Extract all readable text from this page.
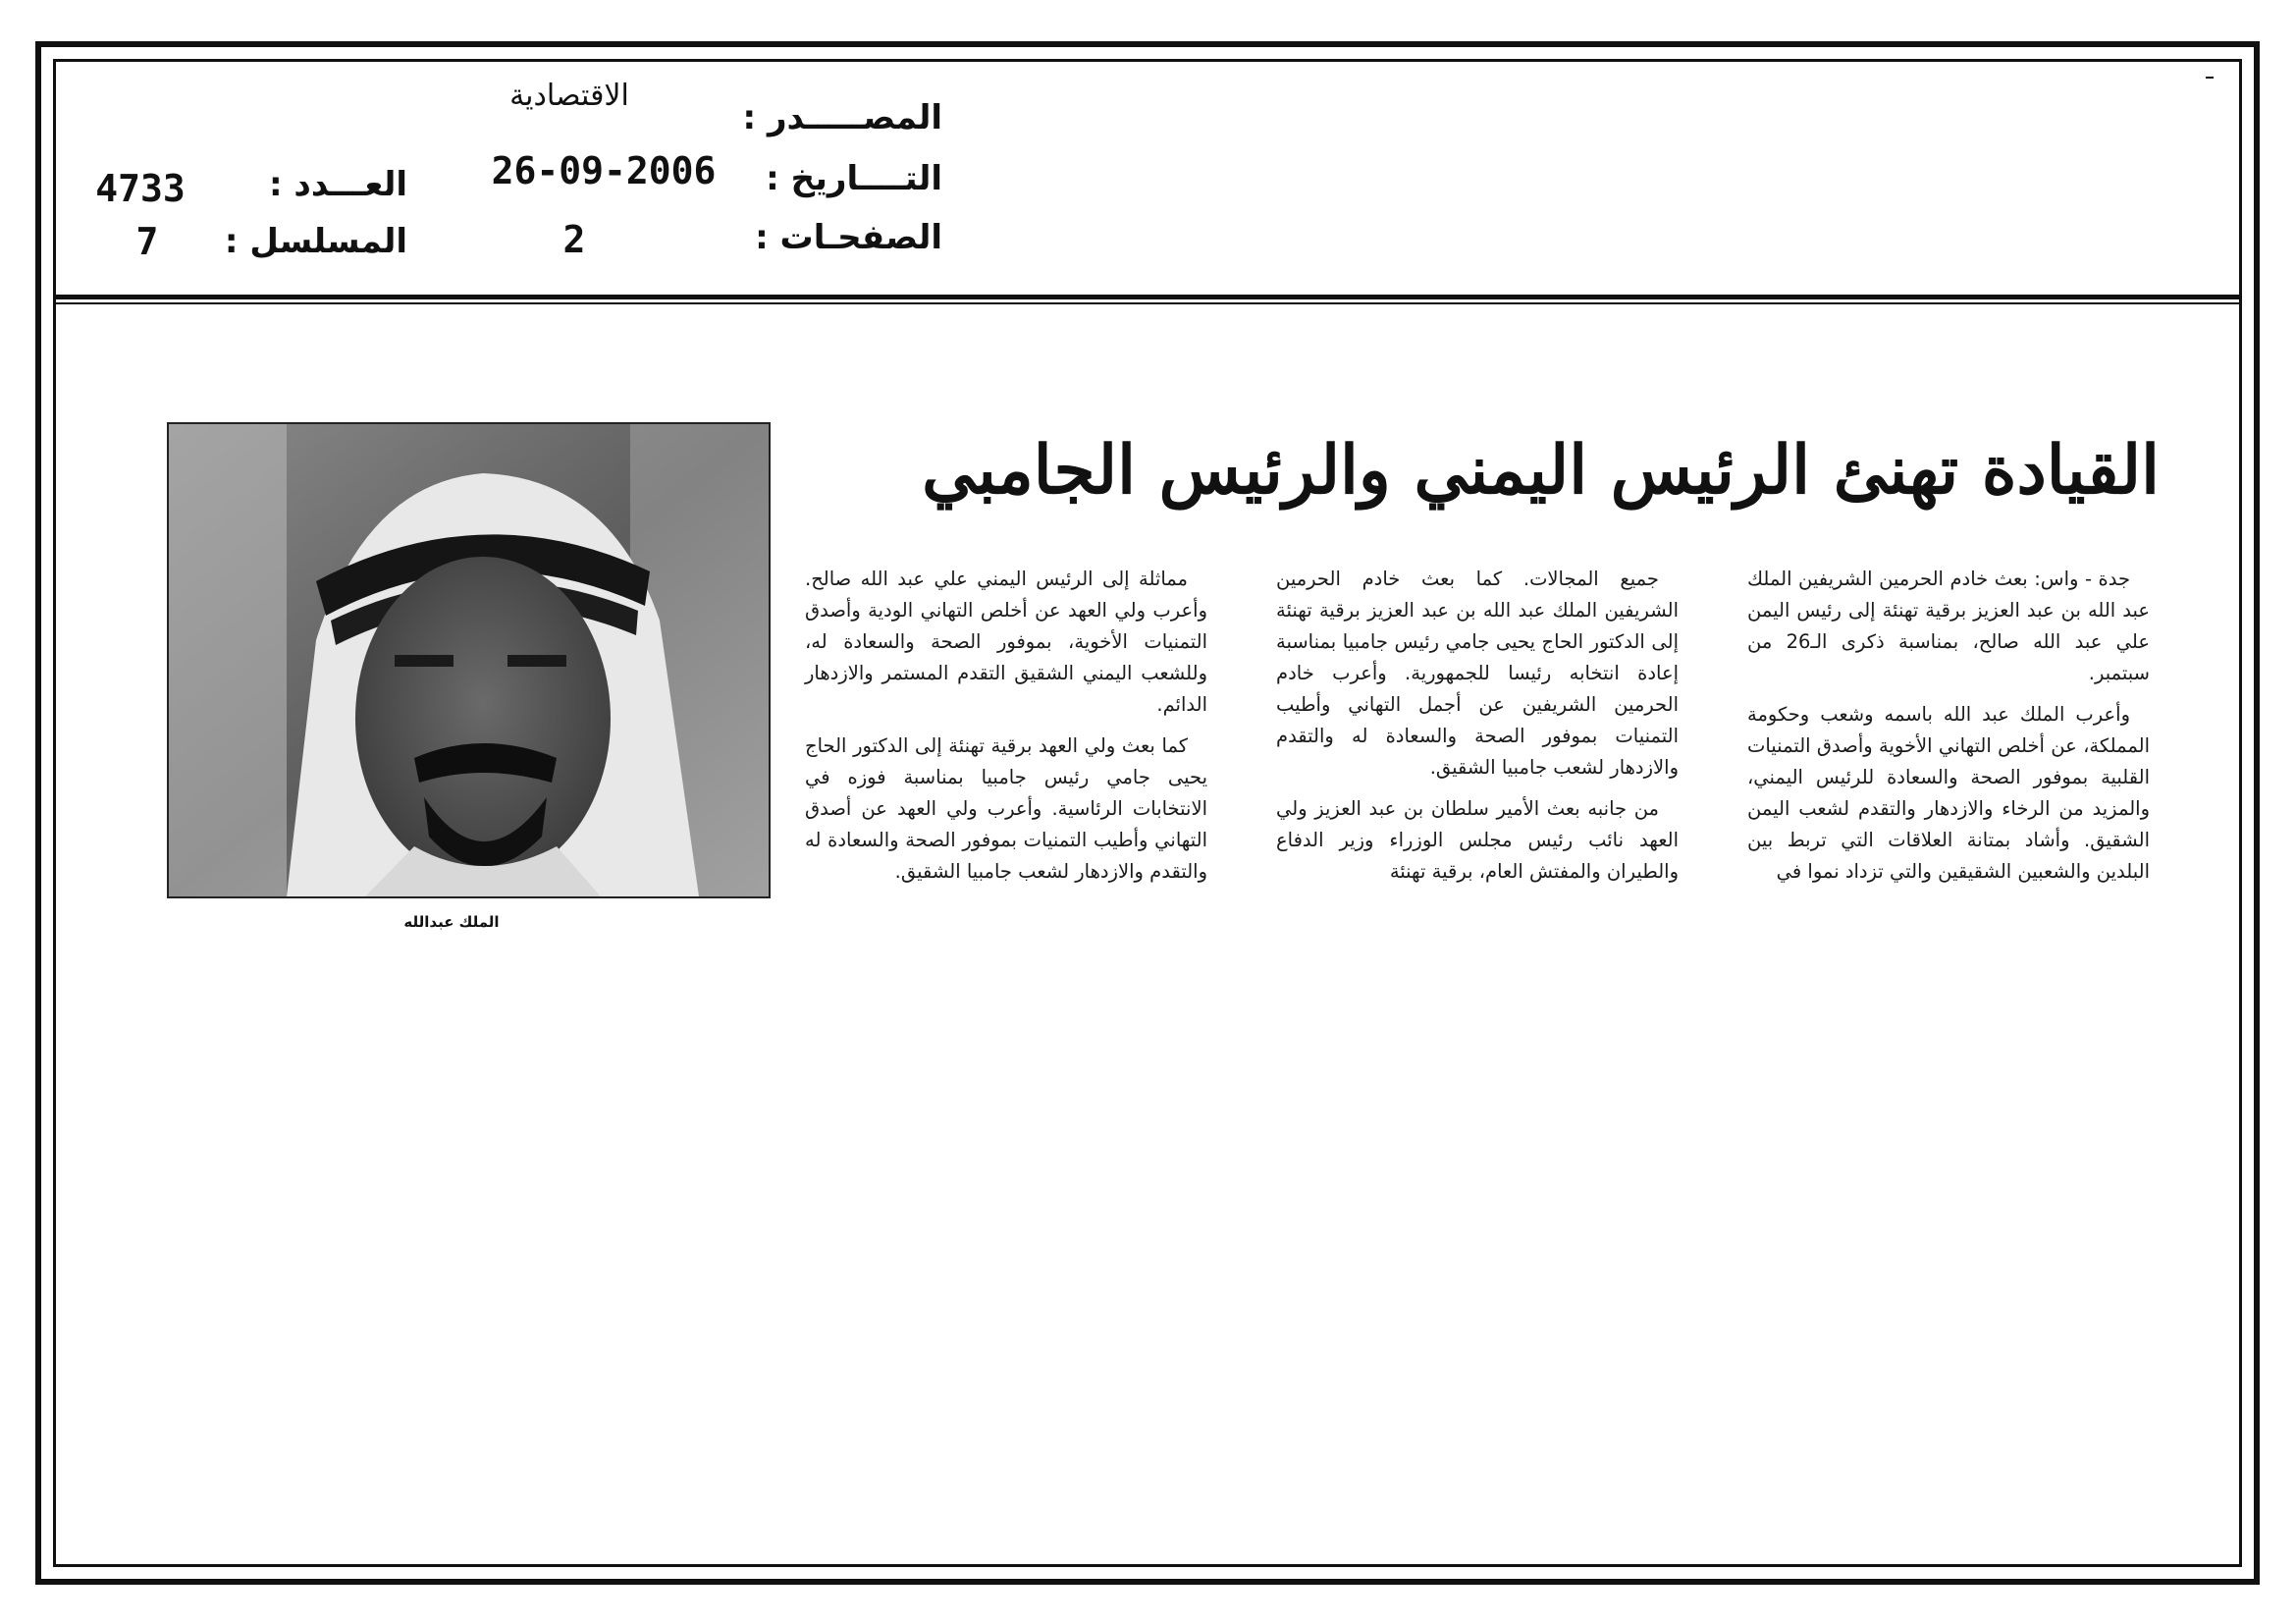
المصـــــدر :
الاقتصادية
التــــاريخ :
26-09-2006
الصفحـات :
2
العـــدد :
4733
المسلسل :
7
القيادة تهنئ الرئيس اليمني والرئيس الجامبي

جدة - واس: بعث خادم الحرمين الشريفين الملك عبد الله بن عبد العزيز برقية تهنئة إلى رئيس اليمن علي عبد الله صالح، بمناسبة ذكرى الـ26 من سبتمبر.

وأعرب الملك عبد الله باسمه وشعب وحكومة المملكة، عن أخلص التهاني الأخوية وأصدق التمنيات القلبية بموفور الصحة والسعادة للرئيس اليمني، والمزيد من الرخاء والازدهار والتقدم لشعب اليمن الشقيق. وأشاد بمتانة العلاقات التي تربط بين البلدين والشعبين الشقيقين والتي تزداد نموا في

جميع المجالات. كما بعث خادم الحرمين الشريفين الملك عبد الله بن عبد العزيز برقية تهنئة إلى الدكتور الحاج يحيى جامي رئيس جامبيا بمناسبة إعادة انتخابه رئيسا للجمهورية. وأعرب خادم الحرمين الشريفين عن أجمل التهاني وأطيب التمنيات بموفور الصحة والسعادة له والتقدم والازدهار لشعب جامبيا الشقيق.

من جانبه بعث الأمير سلطان بن عبد العزيز ولي العهد نائب رئيس مجلس الوزراء وزير الدفاع والطيران والمفتش العام، برقية تهنئة

مماثلة إلى الرئيس اليمني علي عبد الله صالح. وأعرب ولي العهد عن أخلص التهاني الودية وأصدق التمنيات الأخوية، بموفور الصحة والسعادة له، وللشعب اليمني الشقيق التقدم المستمر والازدهار الدائم.

كما بعث ولي العهد برقية تهنئة إلى الدكتور الحاج يحيى جامي رئيس جامبيا بمناسبة فوزه في الانتخابات الرئاسية. وأعرب ولي العهد عن أصدق التهاني وأطيب التمنيات بموفور الصحة والسعادة له والتقدم والازدهار لشعب جامبيا الشقيق.

الملك عبدالله
